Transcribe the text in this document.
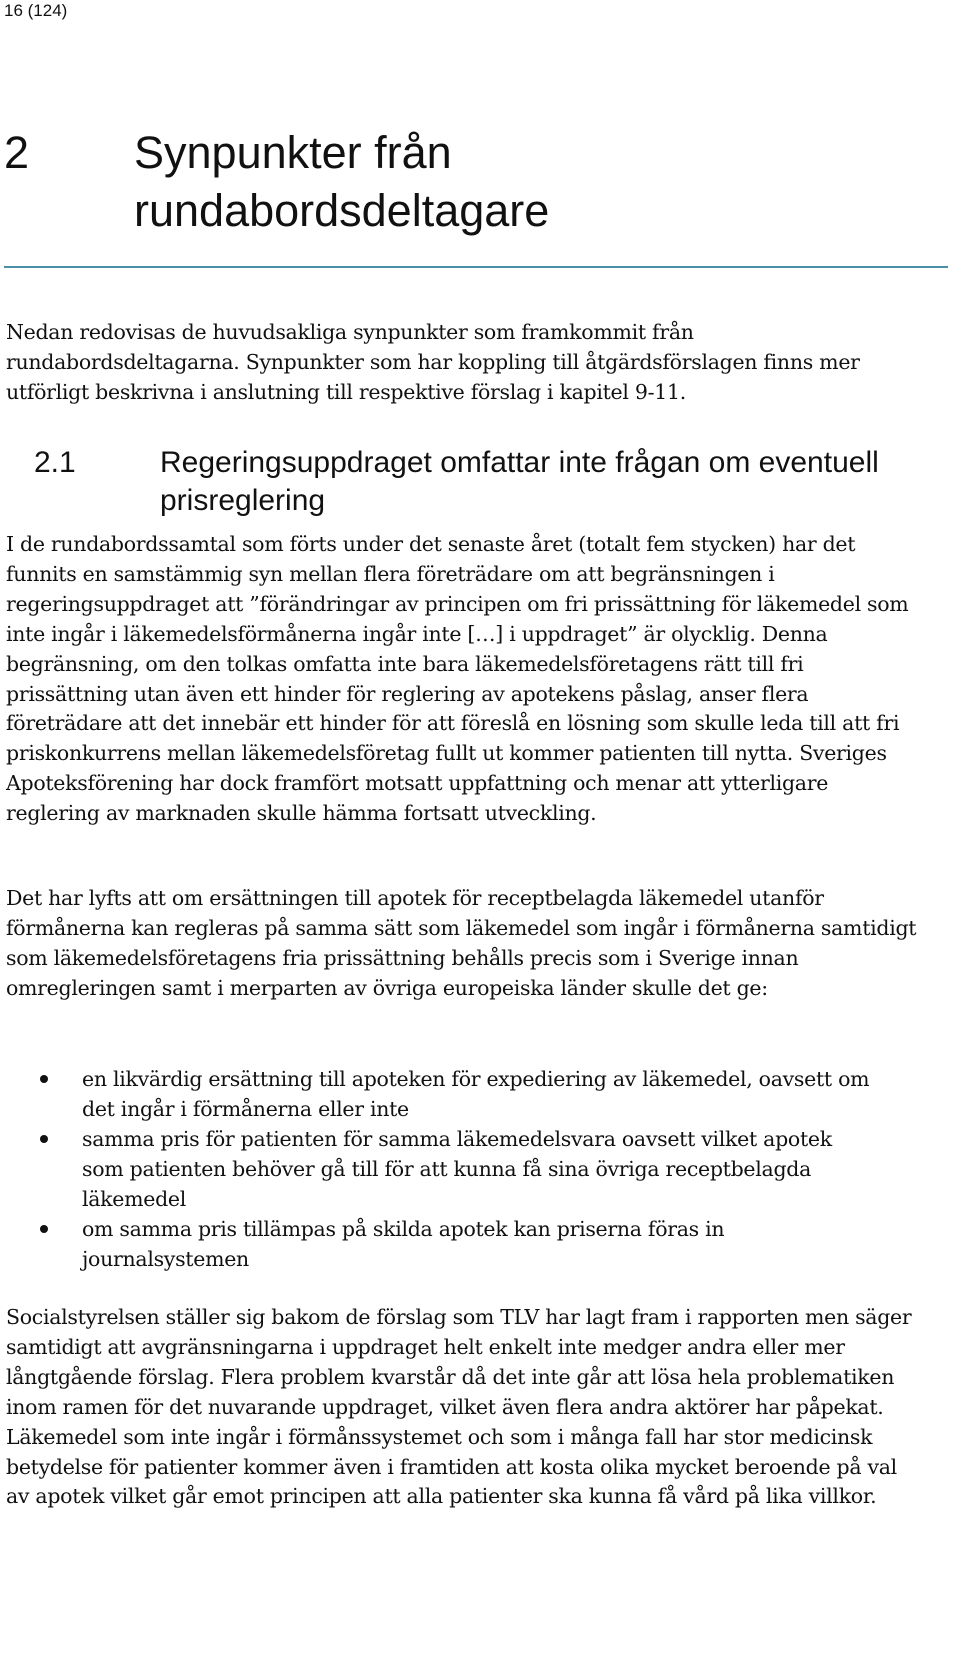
16 (124)
2 Synpunkter från rundabordsdeltagare

Nedan redovisas de huvudsakliga synpunkter som framkommit från rundabordsdeltagarna. Synpunkter som har koppling till åtgärdsförslagen finns mer utförligt beskrivna i anslutning till respektive förslag i kapitel 9-11.

2.1	Regeringsuppdraget omfattar inte frågan om eventuell prisreglering

I de rundabordssamtal som förts under det senaste året (totalt fem stycken) har det funnits en samstämmig syn mellan flera företrädare om att begränsningen i regeringsuppdraget att ”förändringar av principen om fri prissättning för läkemedel som inte ingår i läkemedelsförmånerna ingår inte […] i uppdraget” är olycklig. Denna begränsning, om den tolkas omfatta inte bara läkemedelsföretagens rätt till fri prissättning utan även ett hinder för reglering av apotekens påslag, anser flera företrädare att det innebär ett hinder för att föreslå en lösning som skulle leda till att fri priskonkurrens mellan läkemedelsföretag fullt ut kommer patienten till nytta. Sveriges Apoteksförening har dock framfört motsatt uppfattning och menar att ytterligare reglering av marknaden skulle hämma fortsatt utveckling.

Det har lyfts att om ersättningen till apotek för receptbelagda läkemedel utanför förmånerna kan regleras på samma sätt som läkemedel som ingår i förmånerna samtidigt som läkemedelsföretagens fria prissättning behålls precis som i Sverige innan omregleringen samt i merparten av övriga europeiska länder skulle det ge:

en likvärdig ersättning till apoteken för expediering av läkemedel, oavsett om det ingår i förmånerna eller inte
samma pris för patienten för samma läkemedelsvara oavsett vilket apotek som patienten behöver gå till för att kunna få sina övriga receptbelagda läkemedel
om samma pris tillämpas på skilda apotek kan priserna föras in journalsystemen

Socialstyrelsen ställer sig bakom de förslag som TLV har lagt fram i rapporten men säger samtidigt att avgränsningarna i uppdraget helt enkelt inte medger andra eller mer långtgående förslag. Flera problem kvarstår då det inte går att lösa hela problematiken inom ramen för det nuvarande uppdraget, vilket även flera andra aktörer har påpekat. Läkemedel som inte ingår i förmånssystemet och som i många fall har stor medicinsk betydelse för patienter kommer även i framtiden att kosta olika mycket beroende på val av apotek vilket går emot principen att alla patienter ska kunna få vård på lika villkor.
